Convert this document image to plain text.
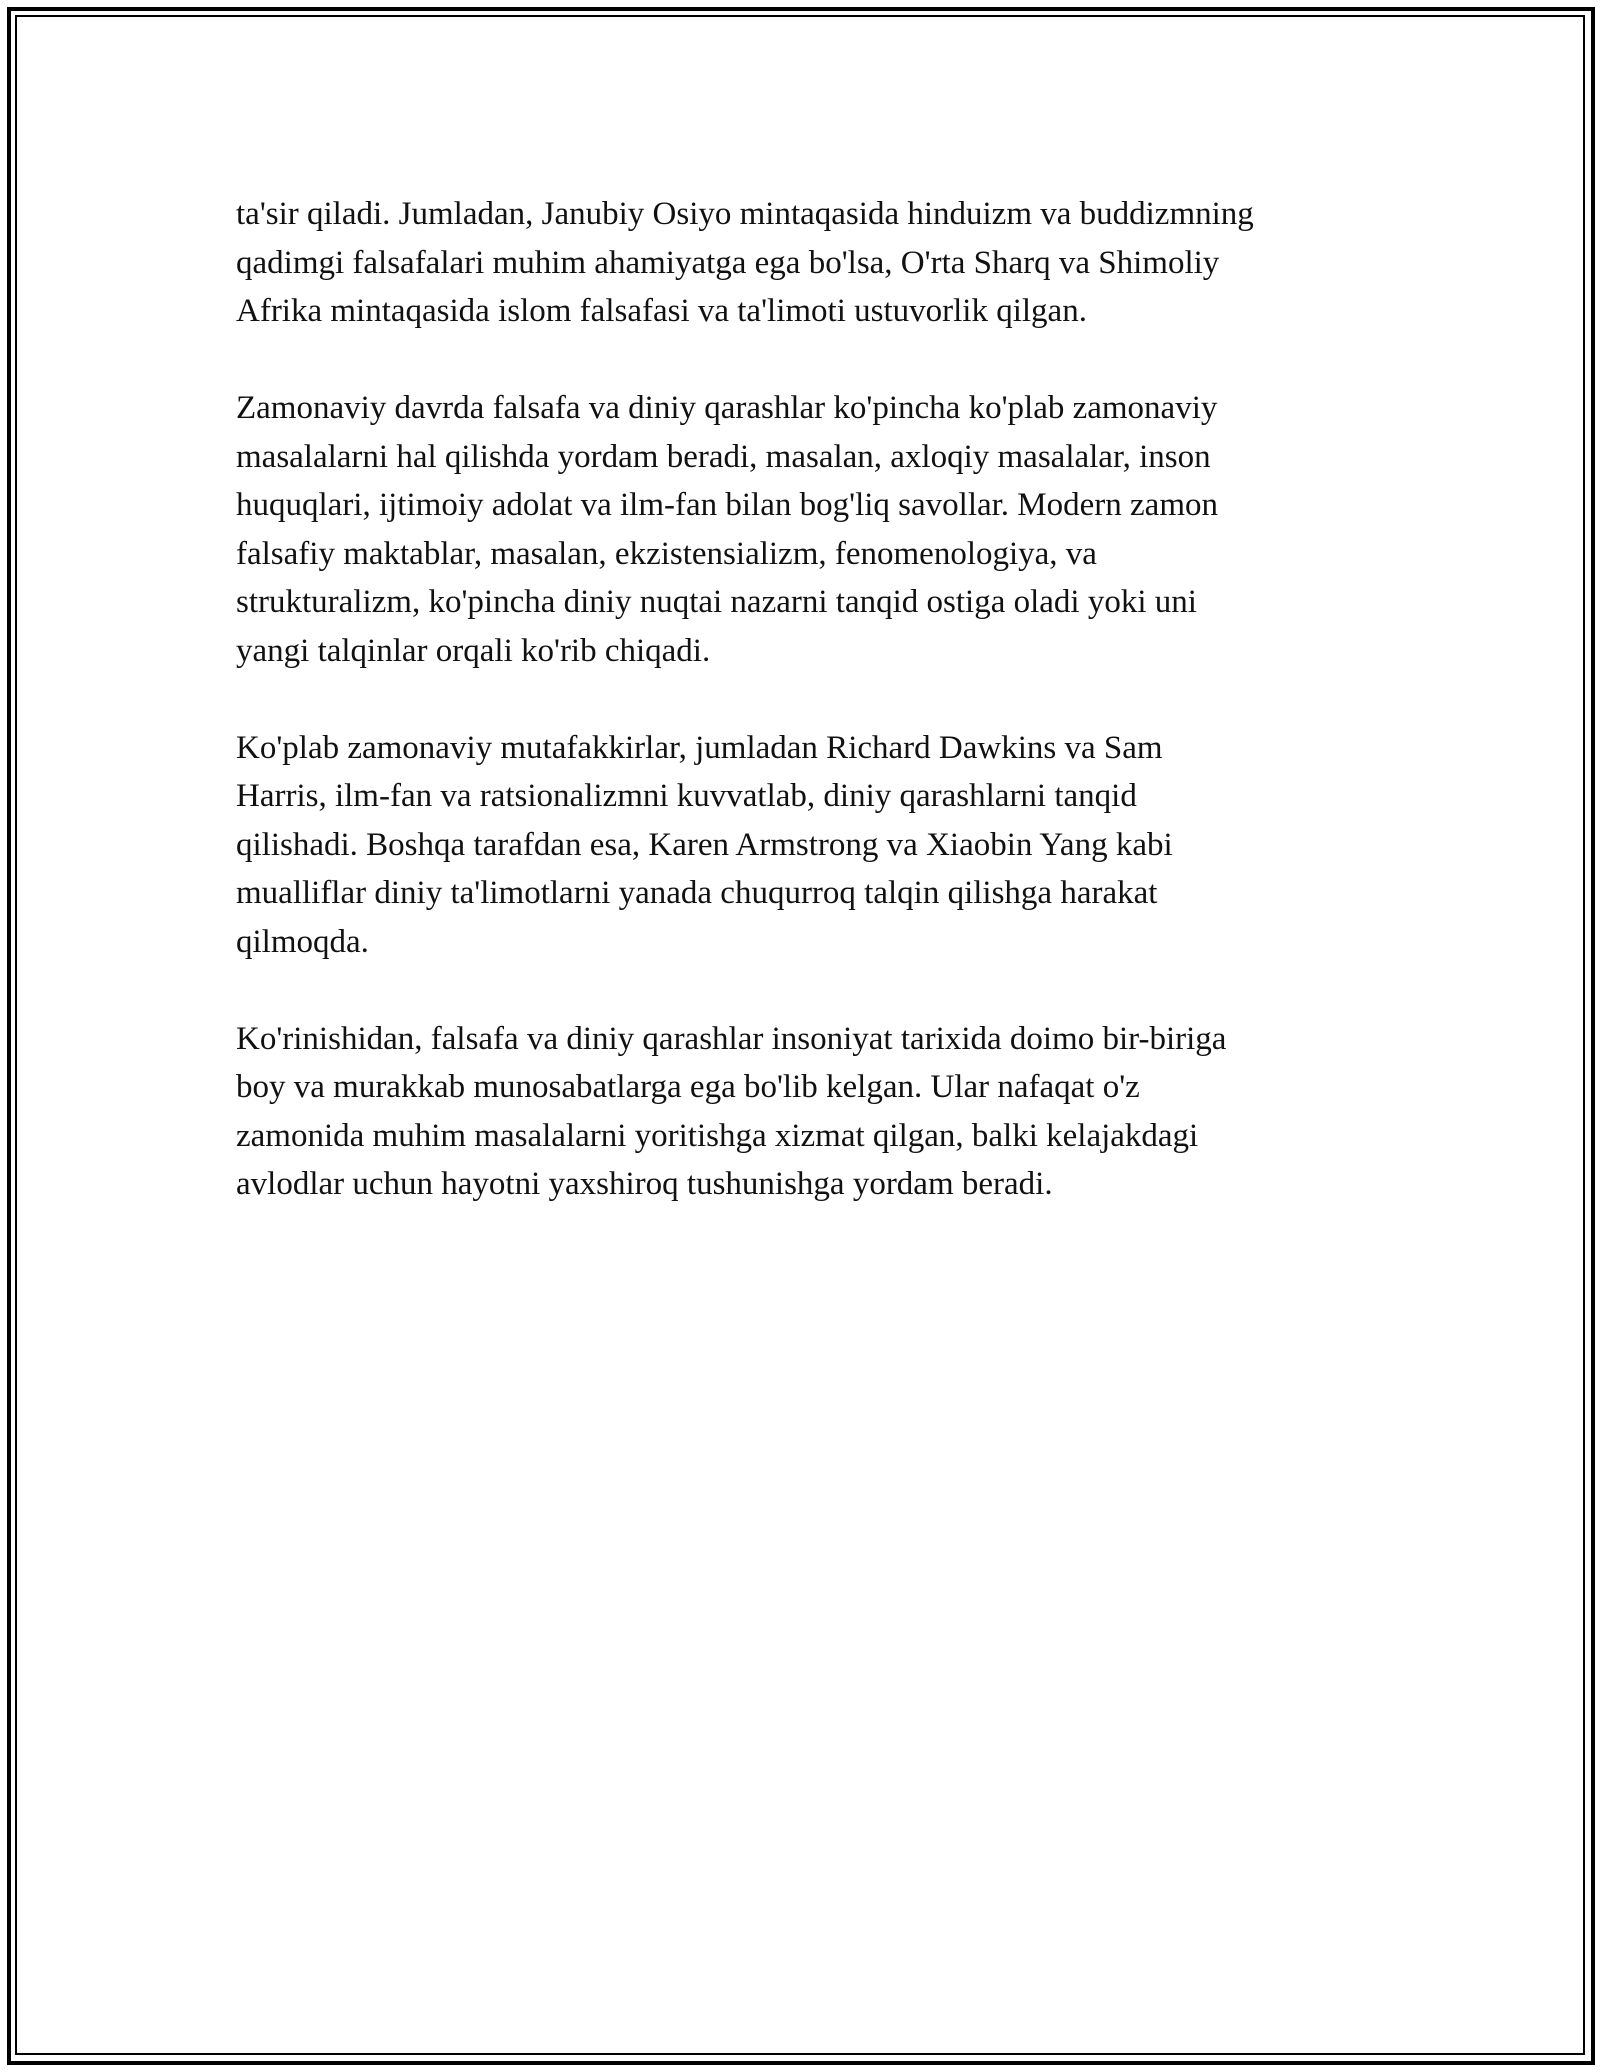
ta'sir qiladi. Jumladan, Janubiy Osiyo mintaqasida hinduizm va buddizmning
qadimgi falsafalari muhim ahamiyatga ega bo'lsa, O'rta Sharq va Shimoliy
Afrika mintaqasida islom falsafasi va ta'limoti ustuvorlik qilgan.

Zamonaviy davrda falsafa va diniy qarashlar ko'pincha ko'plab zamonaviy
masalalarni hal qilishda yordam beradi, masalan, axloqiy masalalar, inson
huquqlari, ijtimoiy adolat va ilm-fan bilan bog'liq savollar. Modern zamon
falsafiy maktablar, masalan, ekzistensializm, fenomenologiya, va
strukturalizm, ko'pincha diniy nuqtai nazarni tanqid ostiga oladi yoki uni
yangi talqinlar orqali ko'rib chiqadi.

Ko'plab zamonaviy mutafakkirlar, jumladan Richard Dawkins va Sam
Harris, ilm-fan va ratsionalizmni kuvvatlab, diniy qarashlarni tanqid
qilishadi. Boshqa tarafdan esa, Karen Armstrong va Xiaobin Yang kabi
mualliflar diniy ta'limotlarni yanada chuqurroq talqin qilishga harakat
qilmoqda.

Ko'rinishidan, falsafa va diniy qarashlar insoniyat tarixida doimo bir-biriga
boy va murakkab munosabatlarga ega bo'lib kelgan. Ular nafaqat o'z
zamonida muhim masalalarni yoritishga xizmat qilgan, balki kelajakdagi
avlodlar uchun hayotni yaxshiroq tushunishga yordam beradi.
